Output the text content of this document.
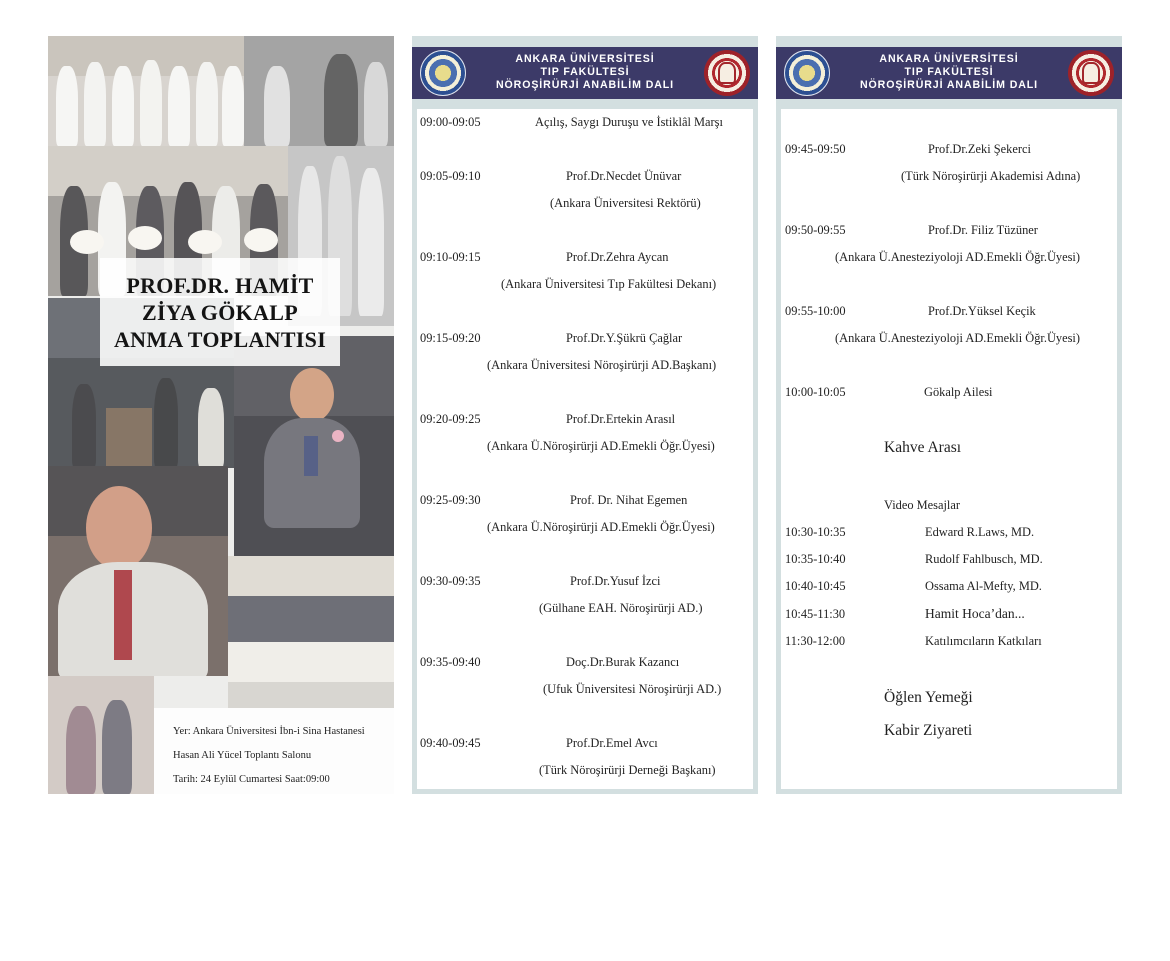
PROF.DR. HAMİT
ZİYA GÖKALP
ANMA TOPLANTISI
Yer: Ankara Üniversitesi İbn-i Sina Hastanesi
Hasan Ali Yücel Toplantı Salonu
Tarih: 24 Eylül Cumartesi Saat:09:00
ANKARA ÜNİVERSİTESİ
TIP FAKÜLTESİ
NÖROŞİRÜRJİ ANABİLİM DALI
09:00-09:05	Açılış, Saygı Duruşu ve İstiklâl Marşı
09:05-09:10	Prof.Dr.Necdet Ünüvar
(Ankara Üniversitesi Rektörü)
09:10-09:15	Prof.Dr.Zehra Aycan
(Ankara Üniversitesi Tıp Fakültesi Dekanı)
09:15-09:20	Prof.Dr.Y.Şükrü Çağlar
(Ankara Üniversitesi Nöroşirürji AD.Başkanı)
09:20-09:25	Prof.Dr.Ertekin Arasıl
(Ankara Ü.Nöroşirürji AD.Emekli Öğr.Üyesi)
09:25-09:30	Prof. Dr. Nihat Egemen
(Ankara Ü.Nöroşirürji AD.Emekli Öğr.Üyesi)
09:30-09:35	Prof.Dr.Yusuf İzci
(Gülhane EAH. Nöroşirürji AD.)
09:35-09:40	Doç.Dr.Burak Kazancı
(Ufuk Üniversitesi Nöroşirürji AD.)
09:40-09:45	Prof.Dr.Emel Avcı
(Türk Nöroşirürji Derneği Başkanı)
ANKARA ÜNİVERSİTESİ
TIP FAKÜLTESİ
NÖROŞİRÜRJİ ANABİLİM DALI
09:45-09:50	Prof.Dr.Zeki Şekerci
(Türk Nöroşirürji Akademisi Adına)
09:50-09:55	Prof.Dr. Filiz Tüzüner
(Ankara Ü.Anesteziyoloji AD.Emekli Öğr.Üyesi)
09:55-10:00	Prof.Dr.Yüksel Keçik
(Ankara Ü.Anesteziyoloji AD.Emekli Öğr.Üyesi)
10:00-10:05	Gökalp Ailesi
Kahve Arası
Video Mesajlar
10:30-10:35	Edward R.Laws, MD.
10:35-10:40	Rudolf Fahlbusch, MD.
10:40-10:45	Ossama Al-Mefty, MD.
10:45-11:30	Hamit Hoca’dan...
11:30-12:00	Katılımcıların Katkıları
Öğlen Yemeği
Kabir Ziyareti
